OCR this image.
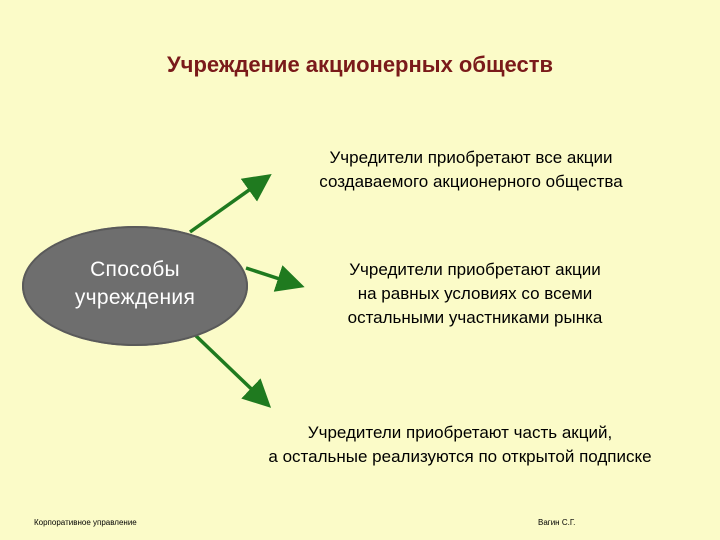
Учреждение акционерных обществ
Способы
учреждения
Учредители приобретают все акции
создаваемого акционерного общества
Учредители приобретают акции
на равных условиях со всеми
остальными участниками рынка
Учредители приобретают часть акций,
а остальные реализуются по открытой подписке
Корпоративное управление	Вагин С.Г.
